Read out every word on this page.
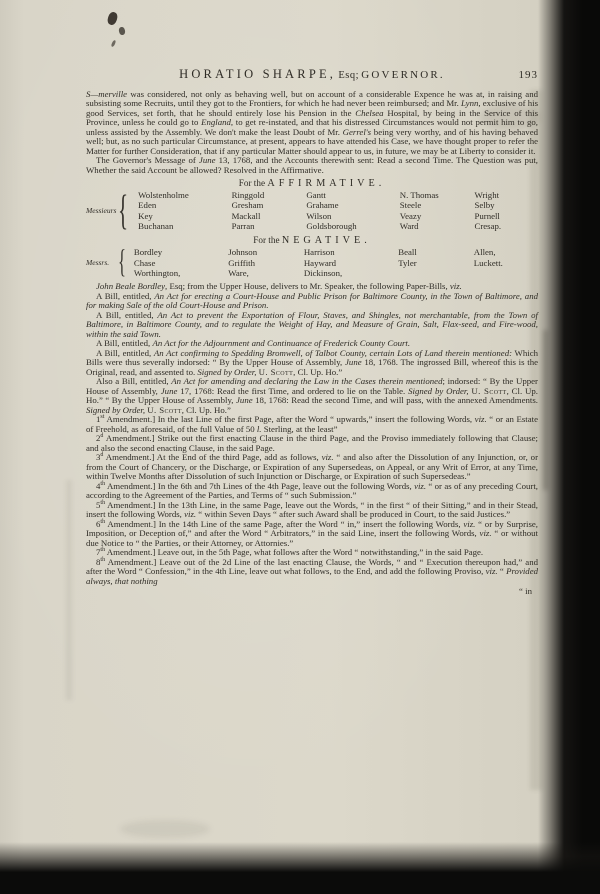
HORATIO SHARPE, Esq; GOVERNOR.	193

S—merville was considered, not only as behaving well, but on account of a considerable Expence he was at, in raising and subsisting some Recruits, until they got to the Frontiers, for which he had never been reimbursed; and Mr. Lynn, exclusive of his good Services, set forth, that he should entirely lose his Pension in the Chelsea Hospital, by being in the Service of this Province, unless he could go to England, to get re-instated, and that his distressed Circumstances would not permit him to go, unless assisted by the Assembly. We don't make the least Doubt of Mr. Gerrel's being very worthy, and of his having behaved well; but, as no such particular Circumstance, at present, appears to have attended his Case, we have thought proper to refer the Matter for further Consideration, that if any particular Matter should appear to us, in future, we may be at Liberty to consider it.

The Governor's Message of June 13, 1768, and the Accounts therewith sent: Read a second Time. The Question was put, Whether the said Account be allowed? Resolved in the Affirmative.

For the AFFIRMATIVE.
Messieurs { Wolstenholme	Ringgold	Gantt	N. Thomas	Wright
Eden	Gresham	Grahame	Steele	Selby
Key	Mackall	Wilson	Veazy	Purnell
Buchanan	Parran	Goldsborough	Ward	Cresap.
For the NEGATIVE.
Messrs. { Bordley	Johnson	Harrison	Beall	Allen,
Chase	Griffith	Hayward	Tyler	Luckett.
Worthington,	Ware,	Dickinson,

John Beale Bordley, Esq; from the Upper House, delivers to Mr. Speaker, the following Paper-Bills, viz.

A Bill, entitled, An Act for erecting a Court-House and Public Prison for Baltimore County, in the Town of Baltimore, and for making Sale of the old Court-House and Prison.

A Bill, entitled, An Act to prevent the Exportation of Flour, Staves, and Shingles, not merchantable, from the Town of Baltimore, in Baltimore County, and to regulate the Weight of Hay, and Measure of Grain, Salt, Flax-seed, and Fire-wood, within the said Town.

A Bill, entitled, An Act for the Adjournment and Continuance of Frederick County Court.

A Bill, entitled, An Act confirming to Spedding Bromwell, of Talbot County, certain Lots of Land therein mentioned: Which Bills were thus severally indorsed: “ By the Upper House of Assembly, June 18, 1768. The ingrossed Bill, whereof this is the Original, read, and assented to. Signed by Order, U. Scott, Cl. Up. Ho.”

Also a Bill, entitled, An Act for amending and declaring the Law in the Cases therein mentioned; indorsed: “ By the Upper House of Assembly, June 17, 1768: Read the first Time, and ordered to lie on the Table. Signed by Order, U. Scott, Cl. Up. Ho.” “ By the Upper House of Assembly, June 18, 1768: Read the second Time, and will pass, with the annexed Amendments. Signed by Order, U. Scott, Cl. Up. Ho.”

1st Amendment.] In the last Line of the first Page, after the Word “ upwards,” insert the following Words, viz. “ or an Estate of Freehold, as aforesaid, of the full Value of 50 l. Sterling, at the least”

2$^d$ Amendment.] Strike out the first enacting Clause in the third Page, and the Proviso immediately following that Clause; and also the second enacting Clause, in the said Page.

3$^d$ Amendment.] At the End of the third Page, add as follows, viz. “ and also after the Dissolution of any Injunction, or, or from the Court of Chancery, or the Discharge, or Expiration of any Supersedeas, on Appeal, or any Writ of Error, at any Time, within Twelve Months after Dissolution of such Injunction or Discharge, or Expiration of such Supersedeas.”

4th Amendment.] In the 6th and 7th Lines of the 4th Page, leave out the following Words, viz. “ or as of any preceding Court, according to the Agreement of the Parties, and Terms of “ such Submission.”

5th Amendment.] In the 13th Line, in the same Page, leave out the Words, “ in the first “ of their Sitting,” and in their Stead, insert the following Words, viz. “ within Seven Days “ after such Award shall be produced in Court, to the said Justices.”

6th Amendment.] In the 14th Line of the same Page, after the Word “ in,” insert the following Words, viz. “ or by Surprise, Imposition, or Deception of,” and after the Word “ Arbitrators,” in the said Line, insert the following Words, viz. “ or without due Notice to “ the Parties, or their Attorney, or Attornies.”

7th Amendment.] Leave out, in the 5th Page, what follows after the Word “ notwithstanding,” in the said Page.

8th Amendment.] Leave out of the 2d Line of the last enacting Clause, the Words, “ and “ Execution thereupon had,” and after the Word “ Confession,” in the 4th Line, leave out what follows, to the End, and add the following Proviso, viz. “ Provided always, that nothing

“ in
